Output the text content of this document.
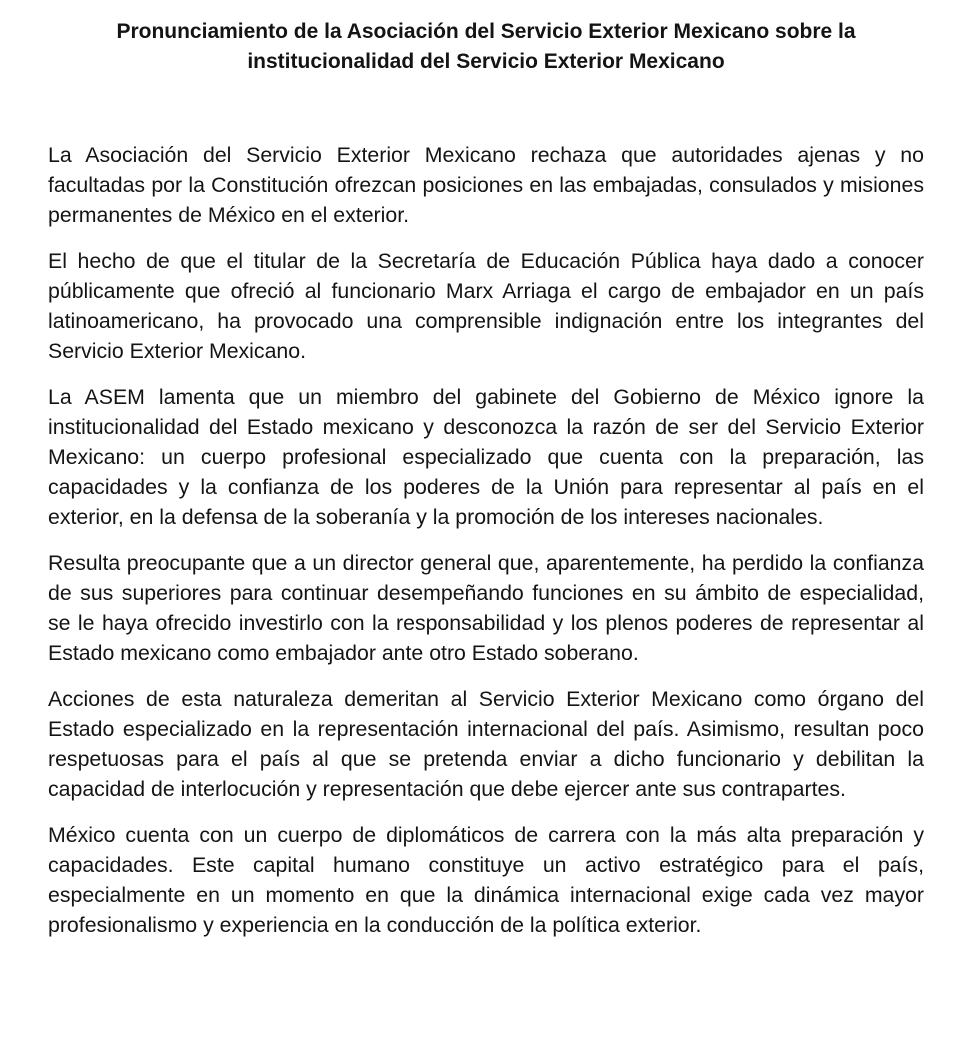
Pronunciamiento de la Asociación del Servicio Exterior Mexicano sobre la
institucionalidad del Servicio Exterior Mexicano

La Asociación del Servicio Exterior Mexicano rechaza que autoridades ajenas y no facultadas por la Constitución ofrezcan posiciones en las embajadas, consulados y misiones permanentes de México en el exterior.

El hecho de que el titular de la Secretaría de Educación Pública haya dado a conocer públicamente que ofreció al funcionario Marx Arriaga el cargo de embajador en un país latinoamericano, ha provocado una comprensible indignación entre los integrantes del Servicio Exterior Mexicano.

La ASEM lamenta que un miembro del gabinete del Gobierno de México ignore la institucionalidad del Estado mexicano y desconozca la razón de ser del Servicio Exterior Mexicano: un cuerpo profesional especializado que cuenta con la preparación, las capacidades y la confianza de los poderes de la Unión para representar al país en el exterior, en la defensa de la soberanía y la promoción de los intereses nacionales.

Resulta preocupante que a un director general que, aparentemente, ha perdido la confianza de sus superiores para continuar desempeñando funciones en su ámbito de especialidad, se le haya ofrecido investirlo con la responsabilidad y los plenos poderes de representar al Estado mexicano como embajador ante otro Estado soberano.

Acciones de esta naturaleza demeritan al Servicio Exterior Mexicano como órgano del Estado especializado en la representación internacional del país. Asimismo, resultan poco respetuosas para el país al que se pretenda enviar a dicho funcionario y debilitan la capacidad de interlocución y representación que debe ejercer ante sus contrapartes.

México cuenta con un cuerpo de diplomáticos de carrera con la más alta preparación y capacidades. Este capital humano constituye un activo estratégico para el país, especialmente en un momento en que la dinámica internacional exige cada vez mayor profesionalismo y experiencia en la conducción de la política exterior.
